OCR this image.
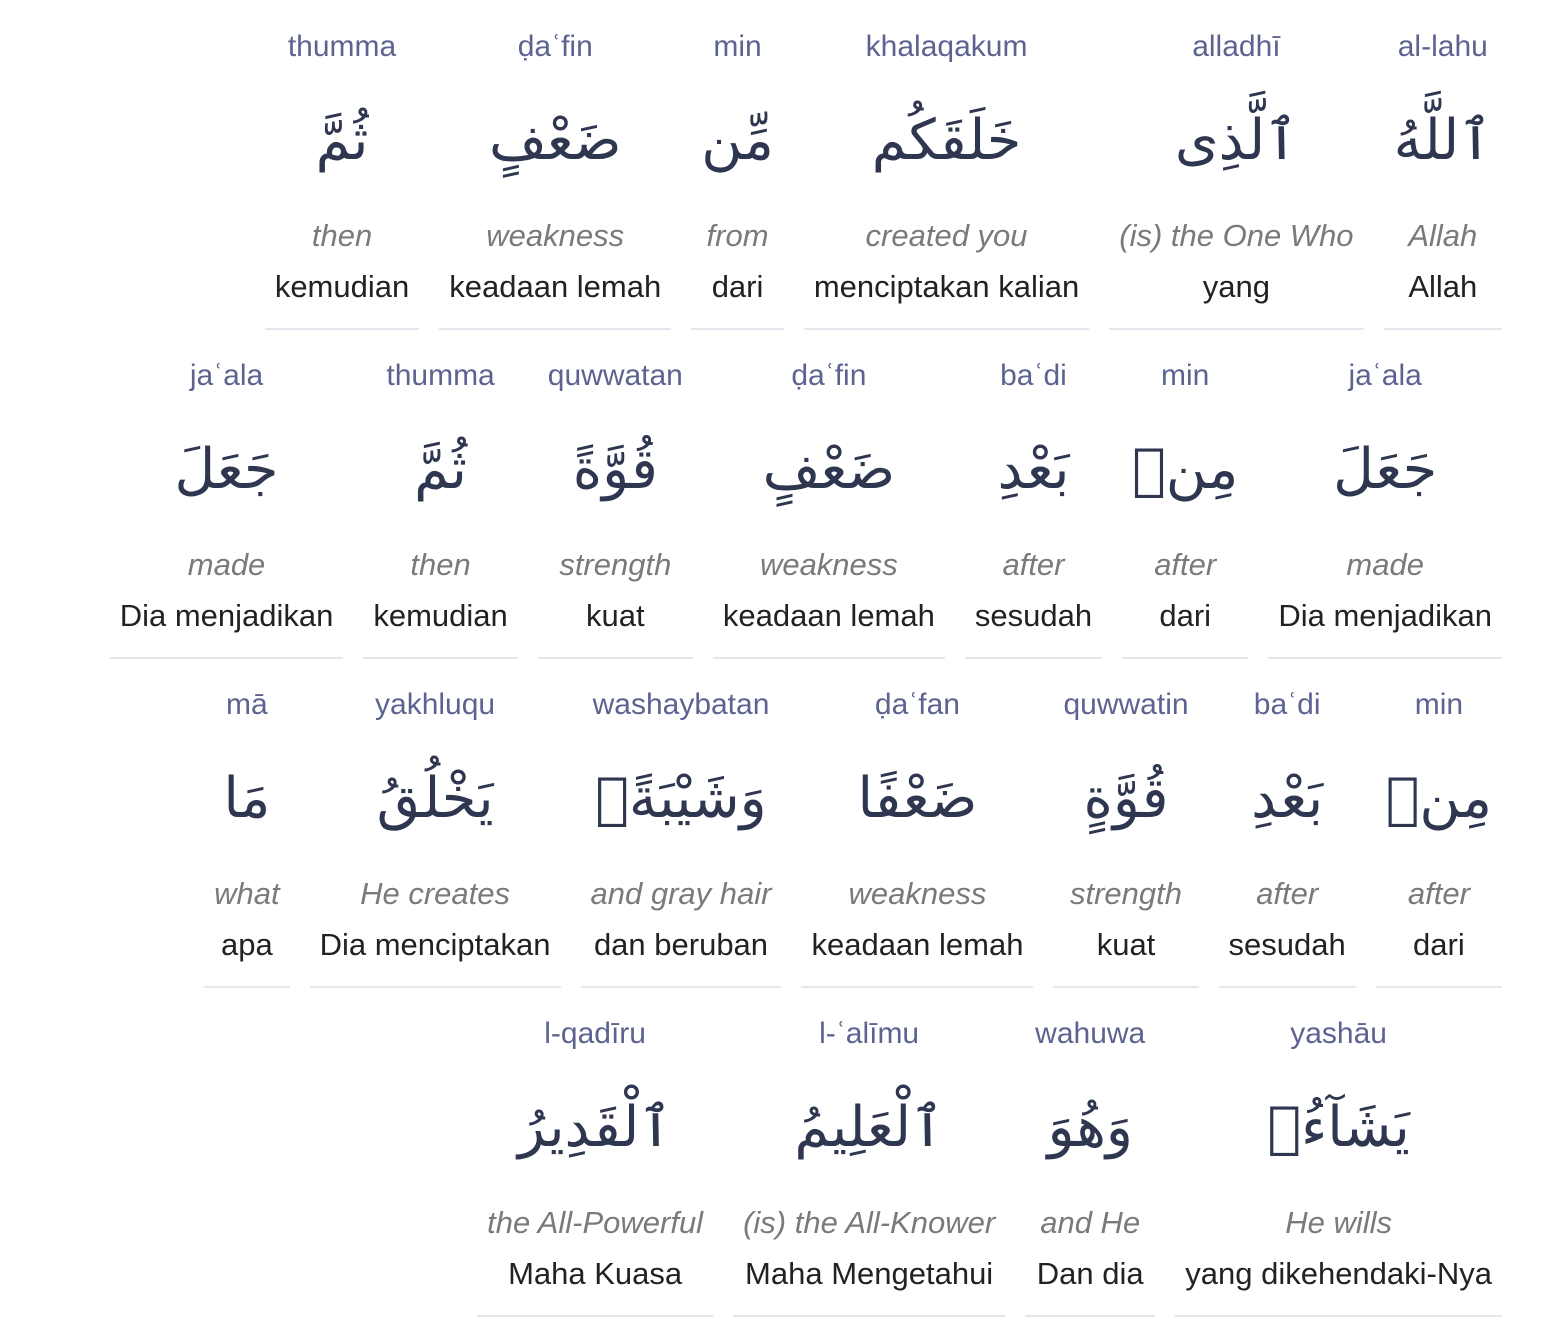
al-lahu
ٱللَّهُ
Allah
Allah
alladhī
ٱلَّذِى
(is) the One Who
yang
khalaqakum
خَلَقَكُم
created you
menciptakan kalian
min
مِّن
from
dari
ḍaʿfin
ضَعْفٍ
weakness
keadaan lemah
thumma
ثُمَّ
then
kemudian
jaʿala
جَعَلَ
made
Dia menjadikan
min
مِنۢ
after
dari
baʿdi
بَعْدِ
after
sesudah
ḍaʿfin
ضَعْفٍ
weakness
keadaan lemah
quwwatan
قُوَّةً
strength
kuat
thumma
ثُمَّ
then
kemudian
jaʿala
جَعَلَ
made
Dia menjadikan
min
مِنۢ
after
dari
baʿdi
بَعْدِ
after
sesudah
quwwatin
قُوَّةٍ
strength
kuat
ḍaʿfan
ضَعْفًا
weakness
keadaan lemah
washaybatan
وَشَيْبَةًۚ
and gray hair
dan beruban
yakhluqu
يَخْلُقُ
He creates
Dia menciptakan
mā
مَا
what
apa
yashāu
يَشَآءُۖ
He wills
yang dikehendaki-Nya
wahuwa
وَهُوَ
and He
Dan dia
l-ʿalīmu
ٱلْعَلِيمُ
(is) the All-Knower
Maha Mengetahui
l-qadīru
ٱلْقَدِيرُ
the All-Powerful
Maha Kuasa
